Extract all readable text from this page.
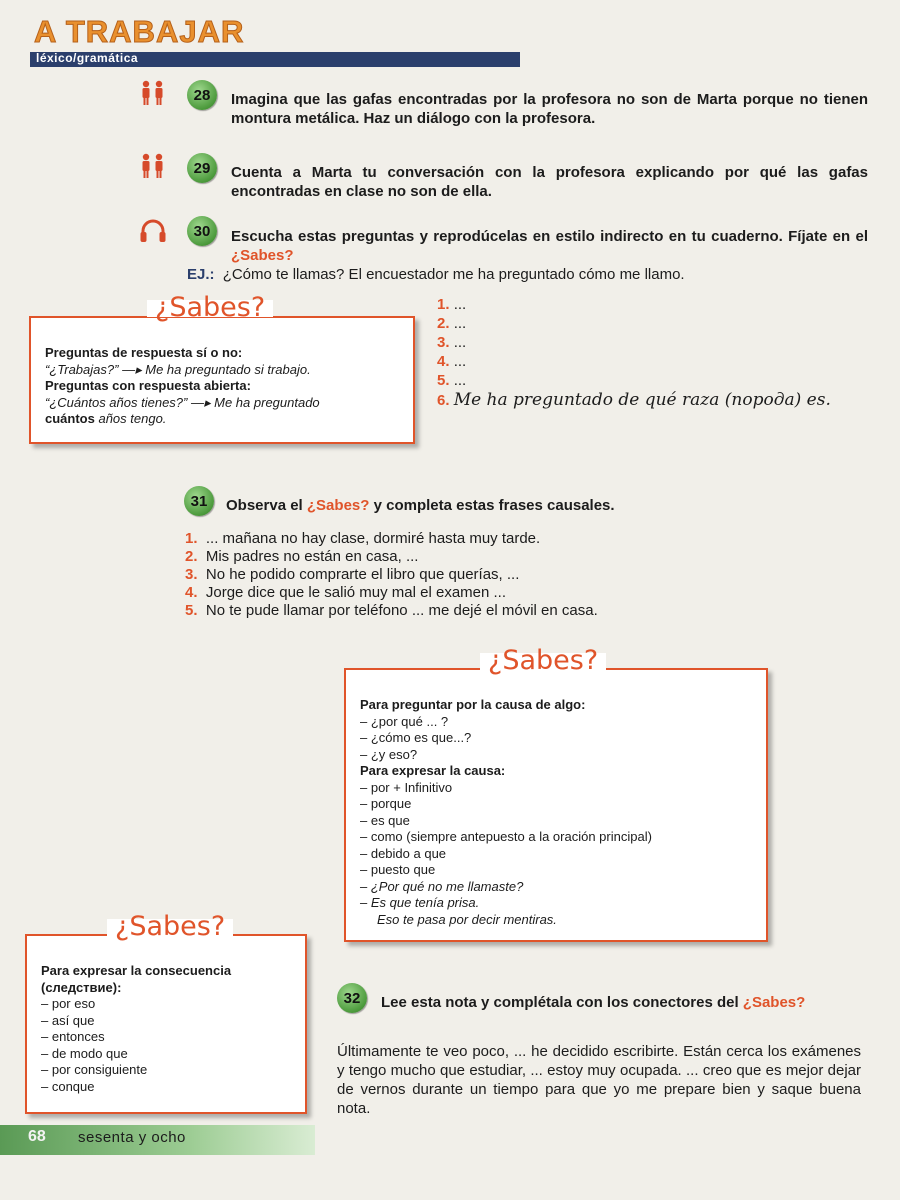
A TRABAJAR
léxico/gramática
28	Imagina que las gafas encontradas por la profesora no son de Marta porque no tienen montura metálica. Haz un diálogo con la profesora.
29	Cuenta a Marta tu conversación con la profesora explicando por qué las gafas encontradas en clase no son de ella.
30	Escucha estas preguntas y reprodúcelas en estilo indirecto en tu cuaderno. Fíjate en el ¿Sabes?
EJ.: ¿Cómo te llamas? El encuestador me ha preguntado cómo me llamo.
1. ...
2. ...
3. ...
4. ...
5. ...
6. Me ha preguntado de qué raza (порода) es.
¿Sabes?
Preguntas de respuesta sí o no:
“¿Trabajas?” —▸ Me ha preguntado si trabajo.
Preguntas con respuesta abierta:
“¿Cuántos años tienes?” —▸ Me ha preguntado
cuántos años tengo.
31	Observa el ¿Sabes? y completa estas frases causales.
1. ... mañana no hay clase, dormiré hasta muy tarde.
2. Mis padres no están en casa, ...
3. No he podido comprarte el libro que querías, ...
4. Jorge dice que le salió muy mal el examen ...
5. No te pude llamar por teléfono ... me dejé el móvil en casa.
¿Sabes?
Para preguntar por la causa de algo:
– ¿por qué ... ?
– ¿cómo es que...?
– ¿y eso?
Para expresar la causa:
– por + Infinitivo
– porque
– es que
– como (siempre antepuesto a la oración principal)
– debido a que
– puesto que
– ¿Por qué no me llamaste?
– Es que tenía prisa.
Eso te pasa por decir mentiras.
¿Sabes?
Para expresar la consecuencia (следствие):
– por eso
– así que
– entonces
– de modo que
– por consiguiente
– conque
32	Lee esta nota y complétala con los conectores del ¿Sabes?
Últimamente te veo poco, ... he decidido escribirte. Están cerca los exámenes y tengo mucho que estudiar, ... estoy muy ocupada. ... creo que es mejor dejar de vernos durante un tiempo para que yo me prepare bien y saque buena nota.
68 sesenta y ocho
